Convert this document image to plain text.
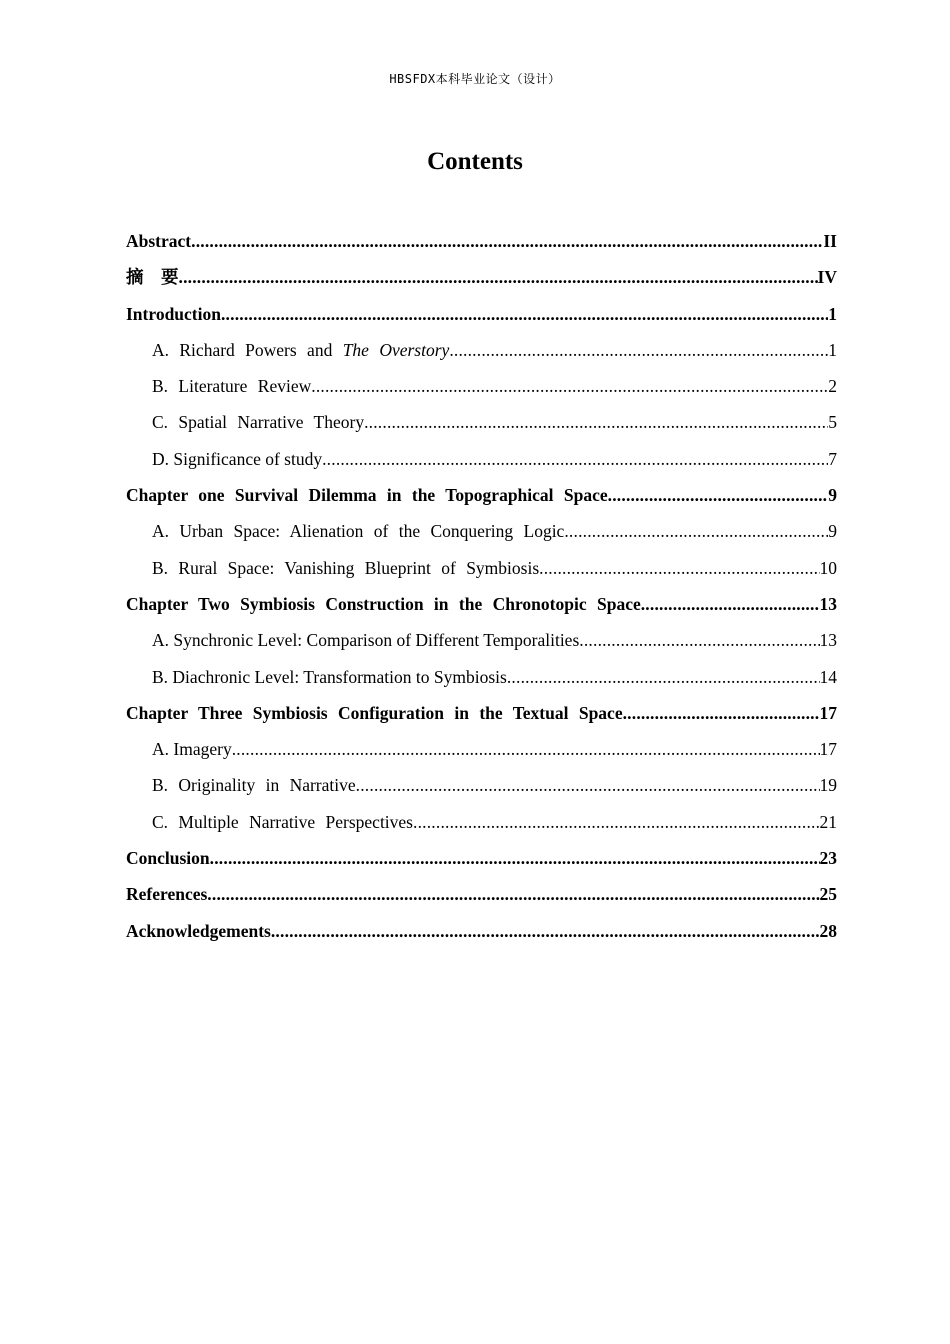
HBSFDX本科毕业论文（设计）
Contents
Abstract .....	II
摘　要 .....	IV
Introduction .....	1
A. Richard Powers and The Overstory .....	1
B. Literature Review .....	2
C. Spatial Narrative Theory .....	5
D. Significance of study .....	7
Chapter one Survival Dilemma in the Topographical Space .....	9
A. Urban Space: Alienation of the Conquering Logic .....	9
B. Rural Space: Vanishing Blueprint of Symbiosis .....	10
Chapter Two Symbiosis Construction in the Chronotopic Space .....	13
A. Synchronic Level: Comparison of Different Temporalities .....	13
B. Diachronic Level: Transformation to Symbiosis .....	14
Chapter Three Symbiosis Configuration in the Textual Space .....	17
A. Imagery .....	17
B. Originality in Narrative .....	19
C. Multiple Narrative Perspectives .....	21
Conclusion .....	23
References .....	25
Acknowledgements .....	28
